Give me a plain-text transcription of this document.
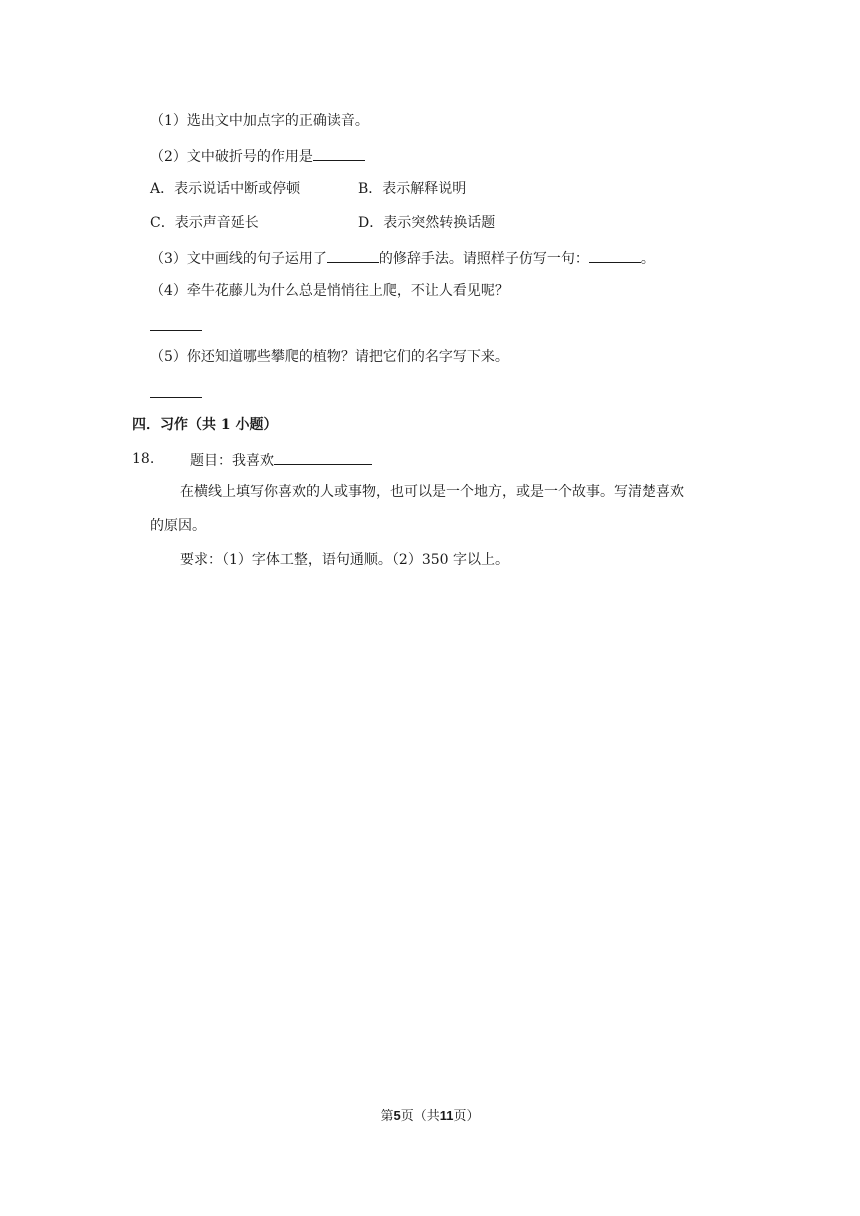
（1）选出文中加点字的正确读音。
（2）文中破折号的作用是
A．表示说话中断或停顿	B．表示解释说明
C．表示声音延长	D．表示突然转换话题
（3）文中画线的句子运用了	的修辞手法。请照样子仿写一句：	。
（4）牵牛花藤儿为什么总是悄悄往上爬，不让人看见呢？
（5）你还知道哪些攀爬的植物？请把它们的名字写下来。
四．习作（共 1 小题）
18.	题目：我喜欢
在横线上填写你喜欢的人或事物，也可以是一个地方，或是一个故事。写清楚喜欢
的原因。
要求：（1）字体工整，语句通顺。（2）350 字以上。
第5页（共11页）
